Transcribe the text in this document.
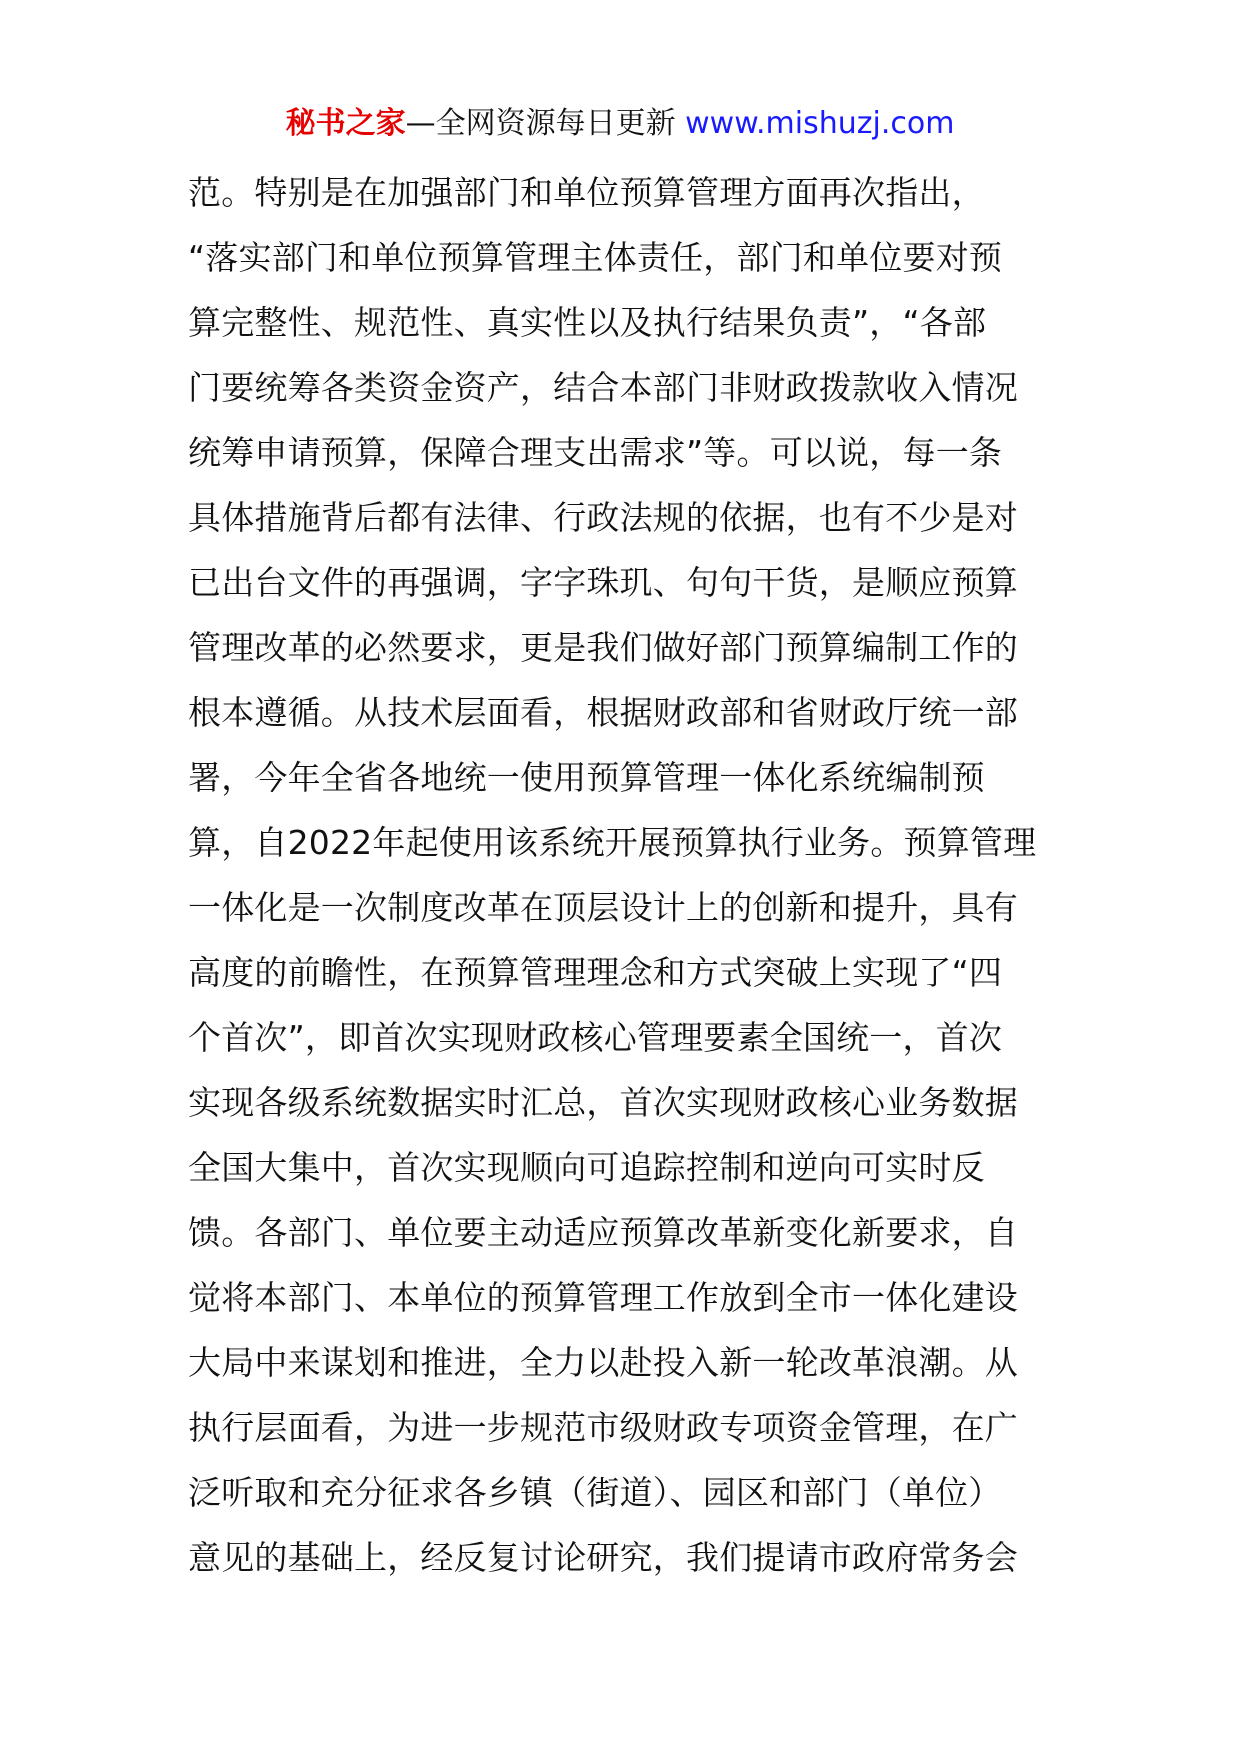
秘书之家—全网资源每日更新 www.mishuzj.com
范。特别是在加强部门和单位预算管理方面再次指出，
“落实部门和单位预算管理主体责任，部门和单位要对预
算完整性、规范性、真实性以及执行结果负责”，“各部
门要统筹各类资金资产，结合本部门非财政拨款收入情况
统筹申请预算，保障合理支出需求”等。可以说，每一条
具体措施背后都有法律、行政法规的依据，也有不少是对
已出台文件的再强调，字字珠玑、句句干货，是顺应预算
管理改革的必然要求，更是我们做好部门预算编制工作的
根本遵循。从技术层面看，根据财政部和省财政厅统一部
署，今年全省各地统一使用预算管理一体化系统编制预
算，自2022年起使用该系统开展预算执行业务。预算管理
一体化是一次制度改革在顶层设计上的创新和提升，具有
高度的前瞻性，在预算管理理念和方式突破上实现了“四
个首次”，即首次实现财政核心管理要素全国统一，首次
实现各级系统数据实时汇总，首次实现财政核心业务数据
全国大集中，首次实现顺向可追踪控制和逆向可实时反
馈。各部门、单位要主动适应预算改革新变化新要求，自
觉将本部门、本单位的预算管理工作放到全市一体化建设
大局中来谋划和推进，全力以赴投入新一轮改革浪潮。从
执行层面看，为进一步规范市级财政专项资金管理，在广
泛听取和充分征求各乡镇（街道）、园区和部门（单位）
意见的基础上，经反复讨论研究，我们提请市政府常务会
